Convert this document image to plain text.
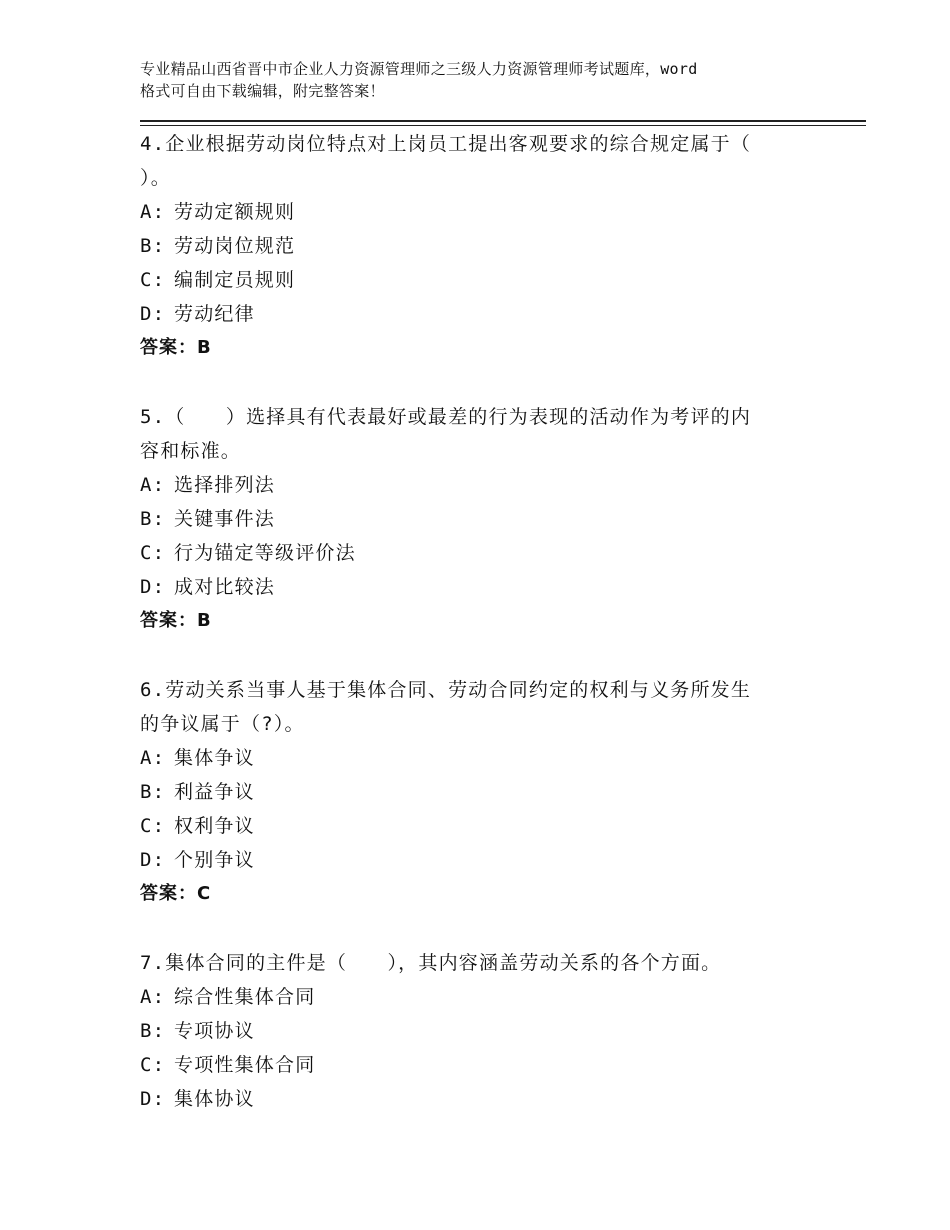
专业精品山西省晋中市企业人力资源管理师之三级人力资源管理师考试题库，word
格式可自由下载编辑，附完整答案！
4.企业根据劳动岗位特点对上岗员工提出客观要求的综合规定属于（
）。
A: 劳动定额规则
B: 劳动岗位规范
C: 编制定员规则
D: 劳动纪律
答案：B
5.（　　）选择具有代表最好或最差的行为表现的活动作为考评的内
容和标准。
A: 选择排列法
B: 关键事件法
C: 行为锚定等级评价法
D: 成对比较法
答案：B
6.劳动关系当事人基于集体合同、劳动合同约定的权利与义务所发生
的争议属于（?）。
A: 集体争议
B: 利益争议
C: 权利争议
D: 个别争议
答案：C
7.集体合同的主件是（　　），其内容涵盖劳动关系的各个方面。
A: 综合性集体合同
B: 专项协议
C: 专项性集体合同
D: 集体协议
